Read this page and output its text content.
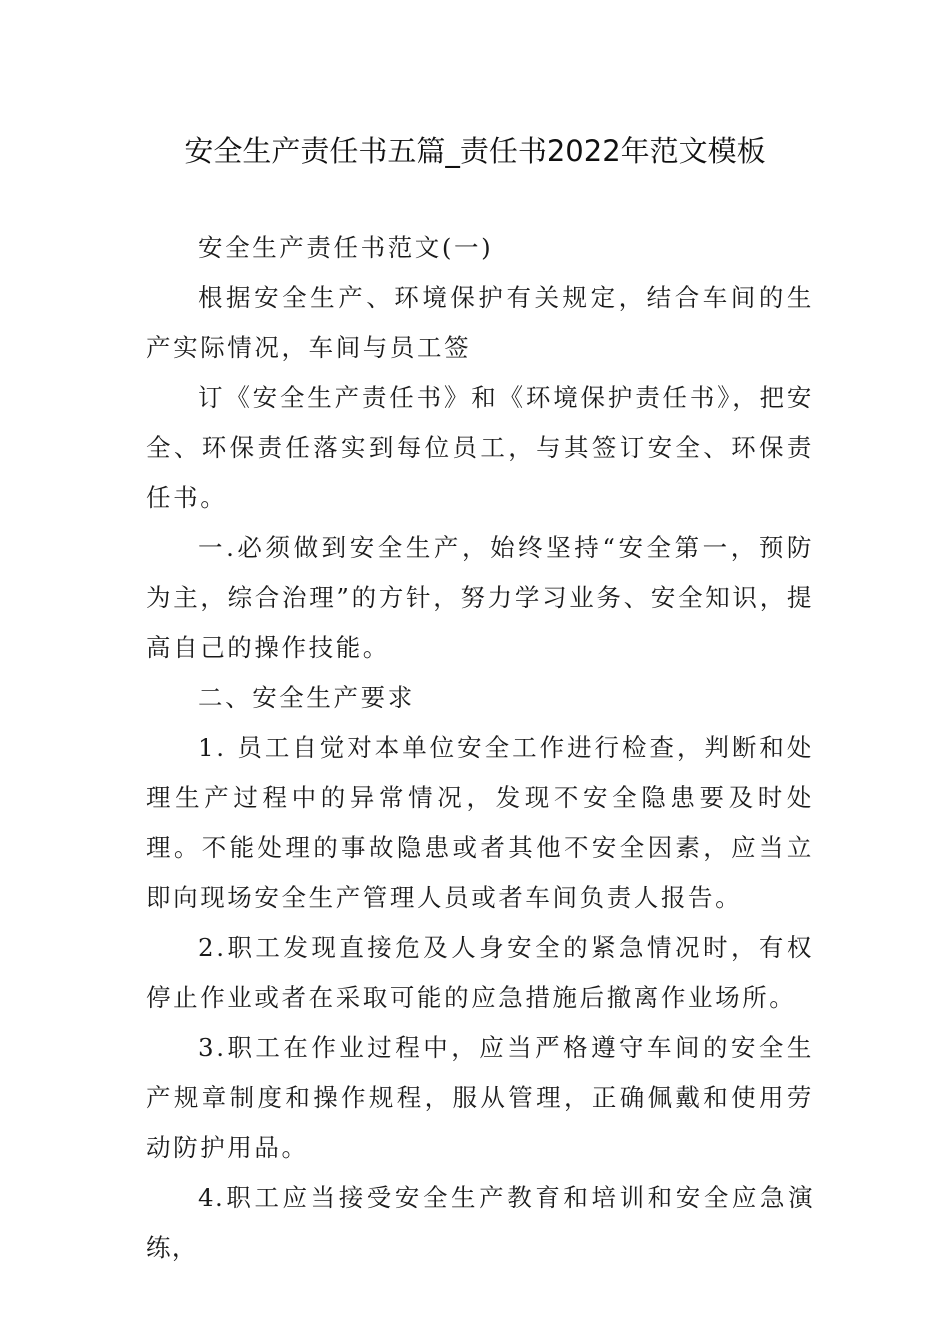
安全生产责任书五篇_责任书2022年范文模板

安全生产责任书范文(一)

根据安全生产、环境保护有关规定，结合车间的生产实际情况，车间与员工签

订《安全生产责任书》和《环境保护责任书》，把安全、环保责任落实到每位员工，与其签订安全、环保责任书。

一.必须做到安全生产，始终坚持“安全第一，预防为主，综合治理”的方针，努力学习业务、安全知识，提高自己的操作技能。

二、安全生产要求

1. 员工自觉对本单位安全工作进行检查，判断和处理生产过程中的异常情况，发现不安全隐患要及时处理。不能处理的事故隐患或者其他不安全因素，应当立即向现场安全生产管理人员或者车间负责人报告。

2.职工发现直接危及人身安全的紧急情况时，有权停止作业或者在采取可能的应急措施后撤离作业场所。

3.职工在作业过程中，应当严格遵守车间的安全生产规章制度和操作规程，服从管理，正确佩戴和使用劳动防护用品。

4.职工应当接受安全生产教育和培训和安全应急演练，
